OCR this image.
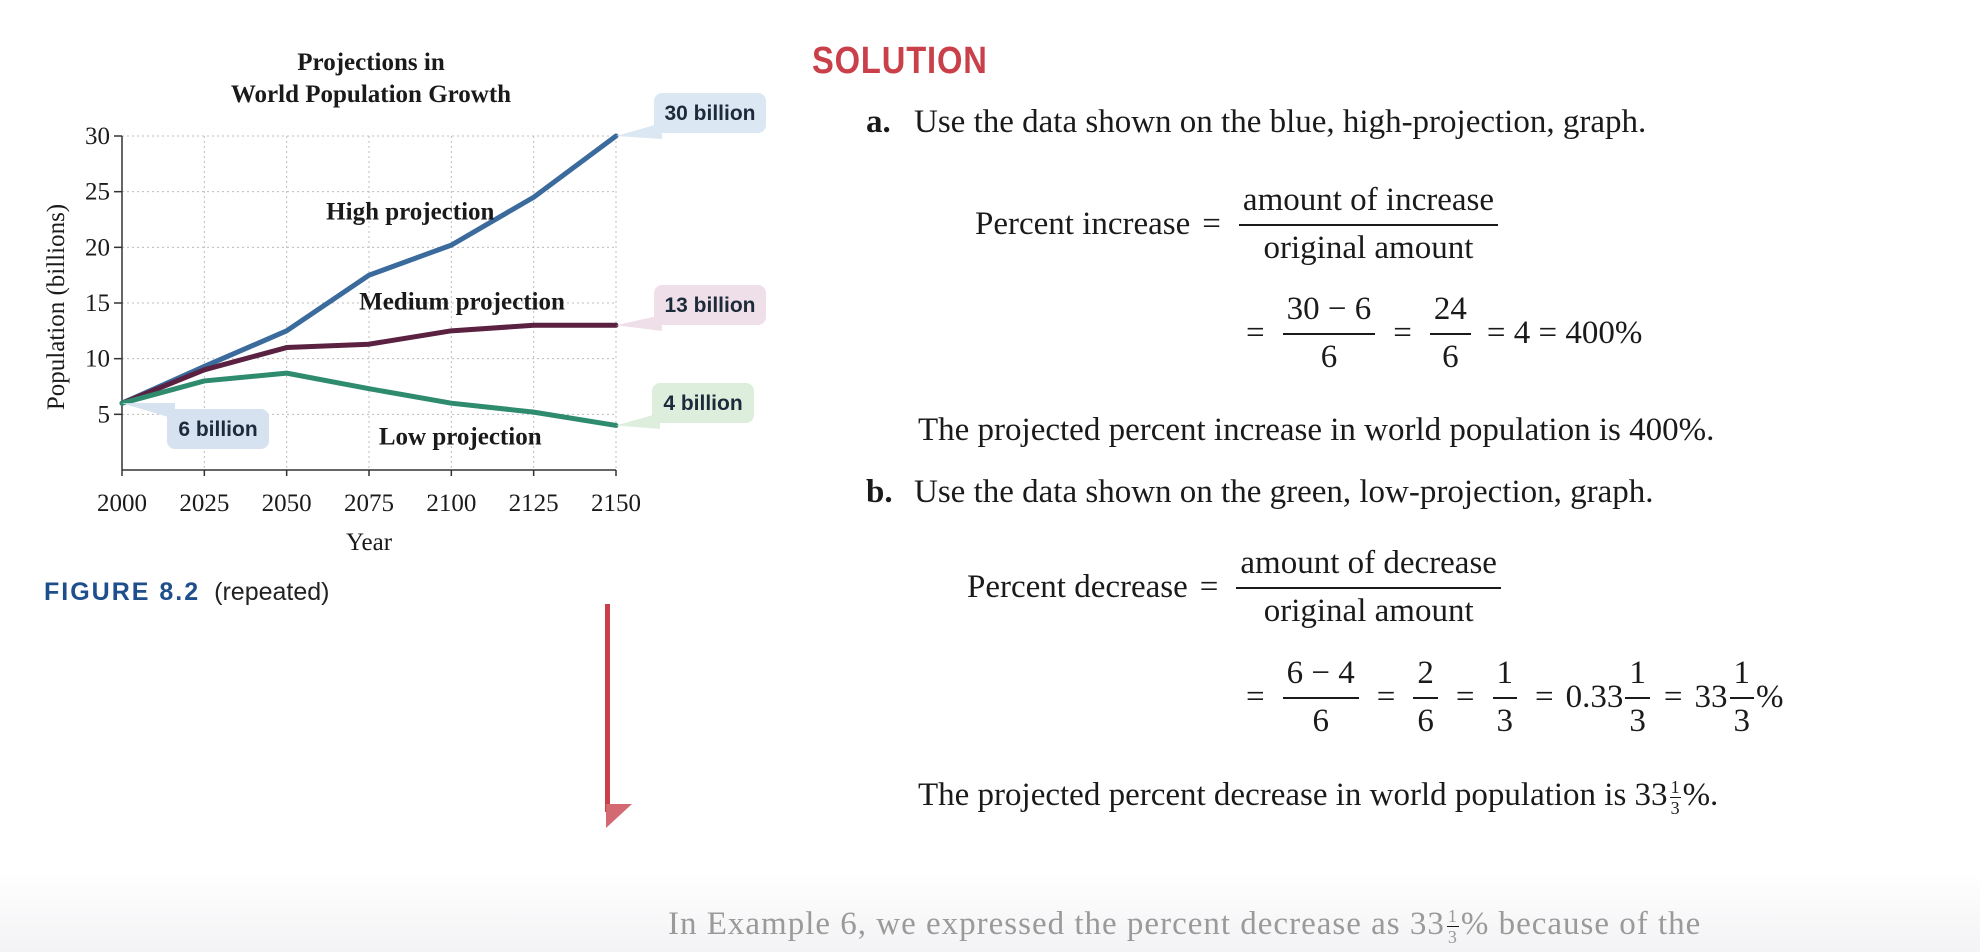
Projections in
World Population Growth
5
10
15
20
25
30
2000 2025 2050 2075 2100 2125 2150
Year
Population (billions)	High projection
Medium projection
Low projection
30 billion
13 billion
4 billion
6 billion
FIGURE 8.2 (repeated)
SOLUTION
a. Use the data shown on the blue, high-projection, graph.
Percent increase = $\frac{\text{amount of increase}}{\text{original amount}}$
= $\frac{30 - 6}{6} = \frac{24}{6} = 4 = 400\%$
The projected percent increase in world population is 400%.
b. Use the data shown on the green, low-projection, graph.
Percent decrease = $\frac{\text{amount of decrease}}{\text{original amount}}$
= $\frac{6 - 4}{6} = \frac{2}{6} = \frac{1}{3} = 0.33 \frac{1}{3} = 33 \frac{1}{3}$ %
The projected percent decrease in world population is $33 \frac{1}{3}$ %.
In Example 6, we expressed the percent decrease as $33 \frac{1}{3}$ % because of the
